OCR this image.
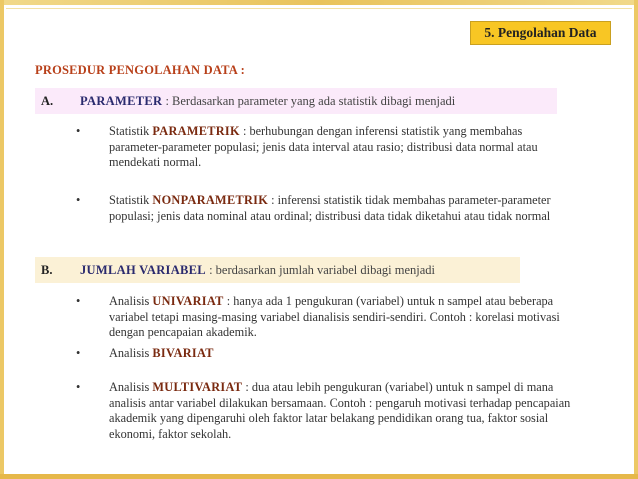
5. Pengolahan Data
PROSEDUR PENGOLAHAN DATA :
A.	PARAMETER : Berdasarkan parameter yang ada statistik dibagi menjadi
•	Statistik PARAMETRIK : berhubungan dengan inferensi statistik yang membahas parameter-parameter populasi; jenis data interval atau rasio; distribusi data normal atau mendekati normal.
•	Statistik NONPARAMETRIK : inferensi statistik tidak membahas parameter-parameter populasi; jenis data nominal atau ordinal; distribusi data tidak diketahui atau tidak normal
B.	JUMLAH VARIABEL : berdasarkan jumlah variabel dibagi menjadi
•	Analisis UNIVARIAT : hanya ada 1 pengukuran (variabel) untuk n sampel atau beberapa variabel tetapi masing-masing variabel dianalisis sendiri-sendiri. Contoh : korelasi motivasi dengan pencapaian akademik.
•	Analisis BIVARIAT
•	Analisis MULTIVARIAT : dua atau lebih pengukuran (variabel) untuk n sampel di mana analisis antar variabel dilakukan bersamaan. Contoh : pengaruh motivasi terhadap pencapaian akademik yang dipengaruhi oleh faktor latar belakang pendidikan orang tua, faktor sosial ekonomi, faktor sekolah.
